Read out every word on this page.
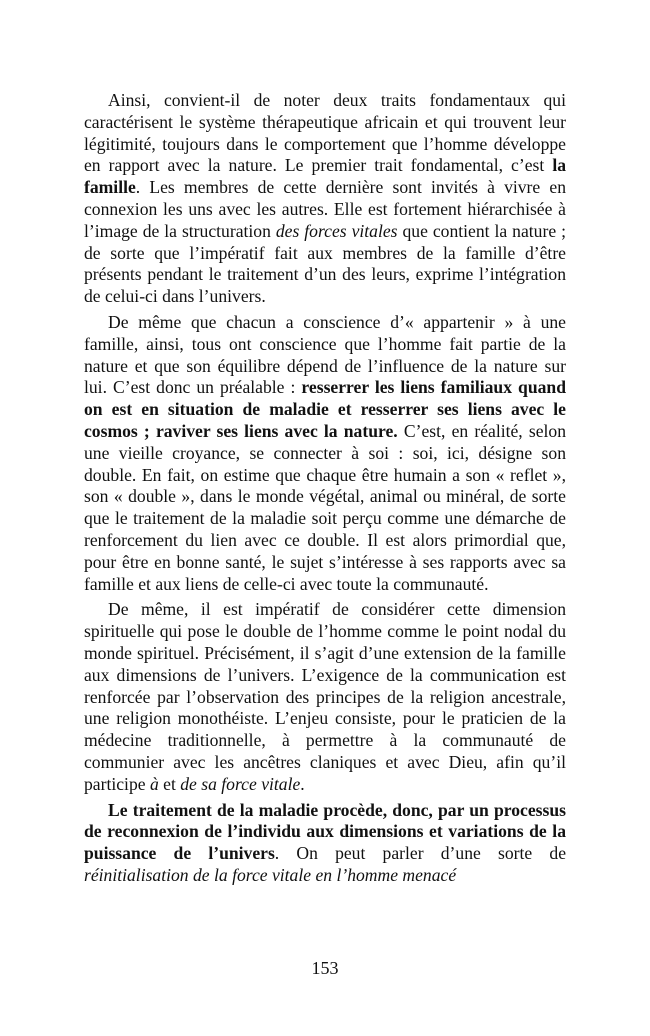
Ainsi, convient-il de noter deux traits fondamentaux qui caractérisent le système thérapeutique africain et qui trouvent leur légitimité, toujours dans le comportement que l’homme développe en rapport avec la nature. Le premier trait fondamental, c’est la famille. Les membres de cette dernière sont invités à vivre en connexion les uns avec les autres. Elle est fortement hiérarchisée à l’image de la structuration des forces vitales que contient la nature ; de sorte que l’impératif fait aux membres de la famille d’être présents pendant le traitement d’un des leurs, exprime l’intégration de celui-ci dans l’univers.

De même que chacun a conscience d’« appartenir » à une famille, ainsi, tous ont conscience que l’homme fait partie de la nature et que son équilibre dépend de l’influence de la nature sur lui. C’est donc un préalable : resserrer les liens familiaux quand on est en situation de maladie et resserrer ses liens avec le cosmos ; raviver ses liens avec la nature. C’est, en réalité, selon une vieille croyance, se connecter à soi : soi, ici, désigne son double. En fait, on estime que chaque être humain a son « reflet », son « double », dans le monde végétal, animal ou minéral, de sorte que le traitement de la maladie soit perçu comme une démarche de renforcement du lien avec ce double. Il est alors primordial que, pour être en bonne santé, le sujet s’intéresse à ses rapports avec sa famille et aux liens de celle-ci avec toute la communauté.

De même, il est impératif de considérer cette dimension spirituelle qui pose le double de l’homme comme le point nodal du monde spirituel. Précisément, il s’agit d’une extension de la famille aux dimensions de l’univers. L’exigence de la communication est renforcée par l’observation des principes de la religion ancestrale, une religion monothéiste. L’enjeu consiste, pour le praticien de la médecine traditionnelle, à permettre à la communauté de communier avec les ancêtres claniques et avec Dieu, afin qu’il participe à et de sa force vitale.

Le traitement de la maladie procède, donc, par un processus de reconnexion de l’individu aux dimensions et variations de la puissance de l’univers. On peut parler d’une sorte de réinitialisation de la force vitale en l’homme menacé

153
